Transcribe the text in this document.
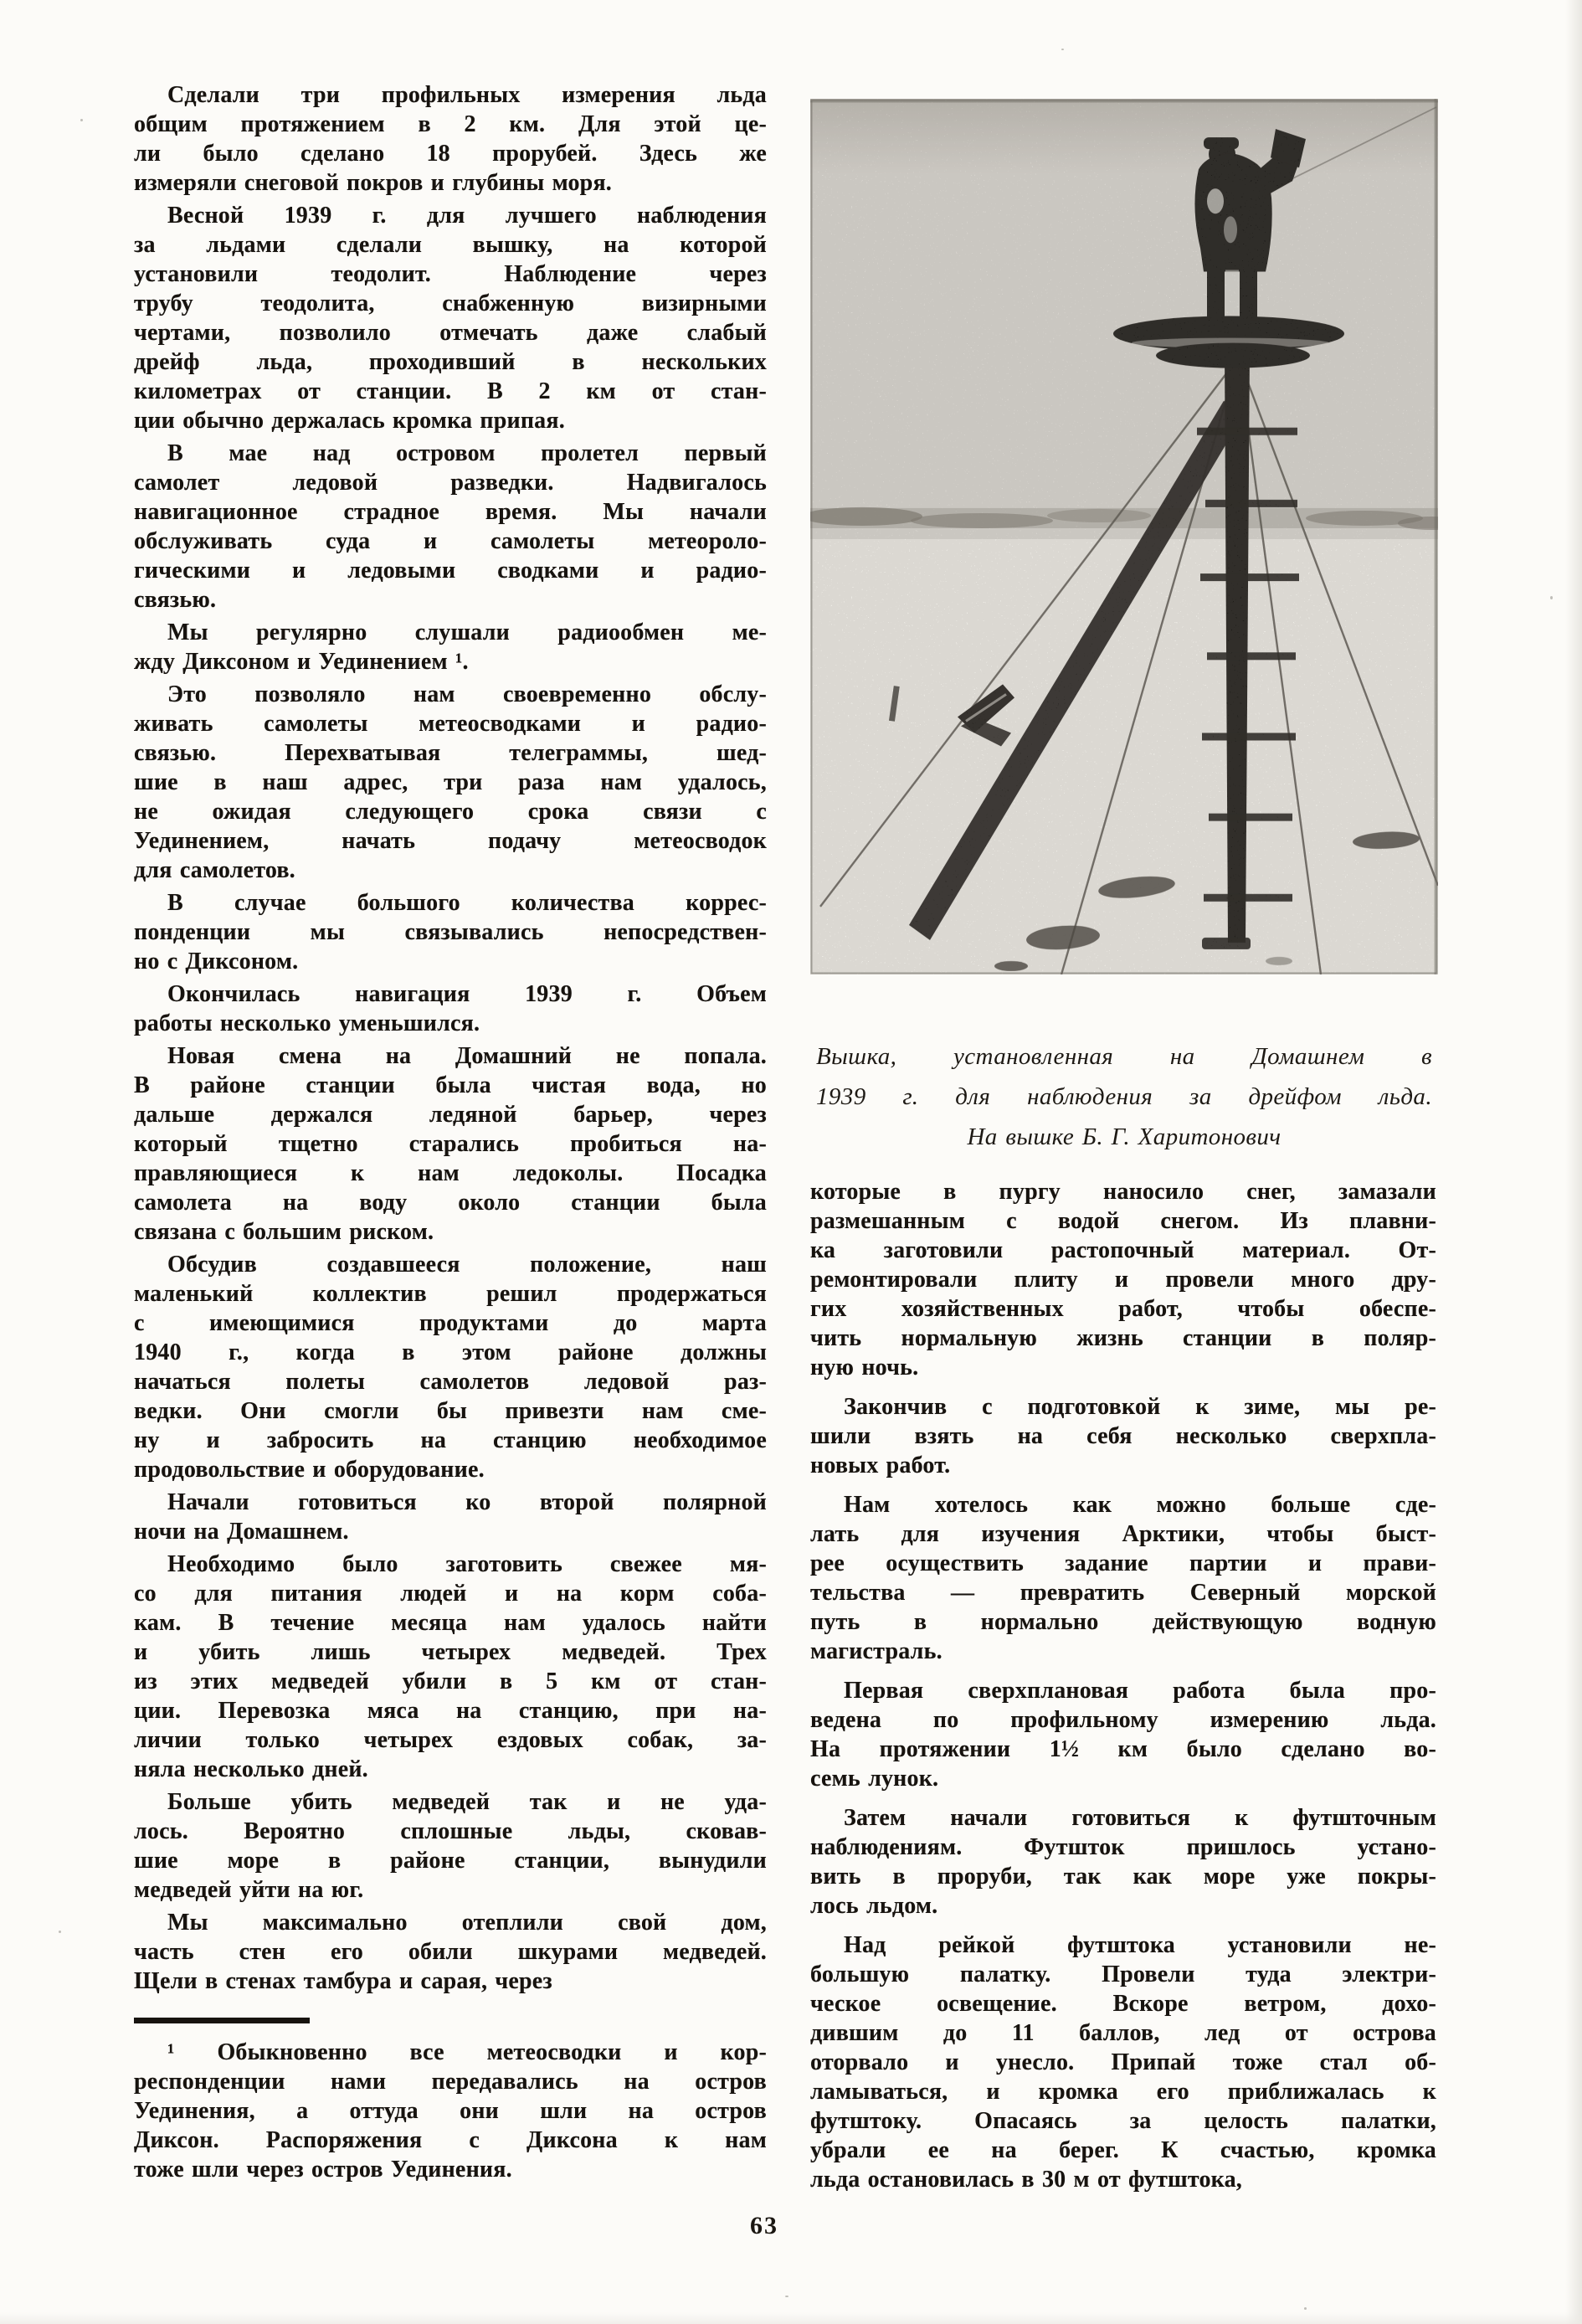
Сделали три профильных измерения льда
общим протяжением в 2 км. Для этой це-
ли было сделано 18 прорубей. Здесь же
измеряли снеговой покров и глубины моря.
Весной 1939 г. для лучшего наблюдения
за льдами сделали вышку, на которой
установили теодолит. Наблюдение через
трубу теодолита, снабженную визирными
чертами, позволило отмечать даже слабый
дрейф льда, проходивший в нескольких
километрах от станции. В 2 км от стан-
ции обычно держалась кромка припая.
В мае над островом пролетел первый
самолет ледовой разведки. Надвигалось
навигационное страдное время. Мы начали
обслуживать суда и самолеты метеороло-
гическими и ледовыми сводками и радио-
связью.
Мы регулярно слушали радиообмен ме-
жду Диксоном и Уединением ¹.
Это позволяло нам своевременно обслу-
живать самолеты метеосводками и радио-
связью. Перехватывая телеграммы, шед-
шие в наш адрес, три раза нам удалось,
не ожидая следующего срока связи с
Уединением, начать подачу метеосводок
для самолетов.
В случае большого количества коррес-
понденции мы связывались непосредствен-
но с Диксоном.
Окончилась навигация 1939 г. Объем
работы несколько уменьшился.
Новая смена на Домашний не попала.
В районе станции была чистая вода, но
дальше держался ледяной барьер, через
который тщетно старались пробиться на-
правляющиеся к нам ледоколы. Посадка
самолета на воду около станции была
связана с большим риском.
Обсудив создавшееся положение, наш
маленький коллектив решил продержаться
с имеющимися продуктами до марта
1940 г., когда в этом районе должны
начаться полеты самолетов ледовой раз-
ведки. Они смогли бы привезти нам сме-
ну и забросить на станцию необходимое
продовольствие и оборудование.
Начали готовиться ко второй полярной
ночи на Домашнем.
Необходимо было заготовить свежее мя-
со для питания людей и на корм соба-
кам. В течение месяца нам удалось найти
и убить лишь четырех медведей. Трех
из этих медведей убили в 5 км от стан-
ции. Перевозка мяса на станцию, при на-
личии только четырех ездовых собак, за-
няла несколько дней.
Больше убить медведей так и не уда-
лось. Вероятно сплошные льды, сковав-
шие море в районе станции, вынудили
медведей уйти на юг.
Мы максимально отеплили свой дом,
часть стен его обили шкурами медведей.
Щели в стенах тамбура и сарая, через
Вышка, установленная на Домашнем в
1939 г. для наблюдения за дрейфом льда.
На вышке Б. Г. Харитонович
которые в пургу наносило снег, замазали
размешанным с водой снегом. Из плавни-
ка заготовили растопочный материал. От-
ремонтировали плиту и провели много дру-
гих хозяйственных работ, чтобы обеспе-
чить нормальную жизнь станции в поляр-
ную ночь.
Закончив с подготовкой к зиме, мы ре-
шили взять на себя несколько сверхпла-
новых работ.
Нам хотелось как можно больше сде-
лать для изучения Арктики, чтобы быст-
рее осуществить задание партии и прави-
тельства — превратить Северный морской
путь в нормально действующую водную
магистраль.
Первая сверхплановая работа была про-
ведена по профильному измерению льда.
На протяжении 1½ км было сделано во-
семь лунок.
Затем начали готовиться к футшточным
наблюдениям. Футшток пришлось устано-
вить в проруби, так как море уже покры-
лось льдом.
Над рейкой футштока установили не-
большую палатку. Провели туда электри-
ческое освещение. Вскоре ветром, дохо-
дившим до 11 баллов, лед от острова
оторвало и унесло. Припай тоже стал об-
ламываться, и кромка его приближалась к
футштоку. Опасаясь за целость палатки,
убрали ее на берег. К счастью, кромка
льда остановилась в 30 м от футштока,
¹ Обыкновенно все метеосводки и кор-
респонденции нами передавались на остров
Уединения, а оттуда они шли на остров
Диксон. Распоряжения с Диксона к нам
тоже шли через остров Уединения.
63
